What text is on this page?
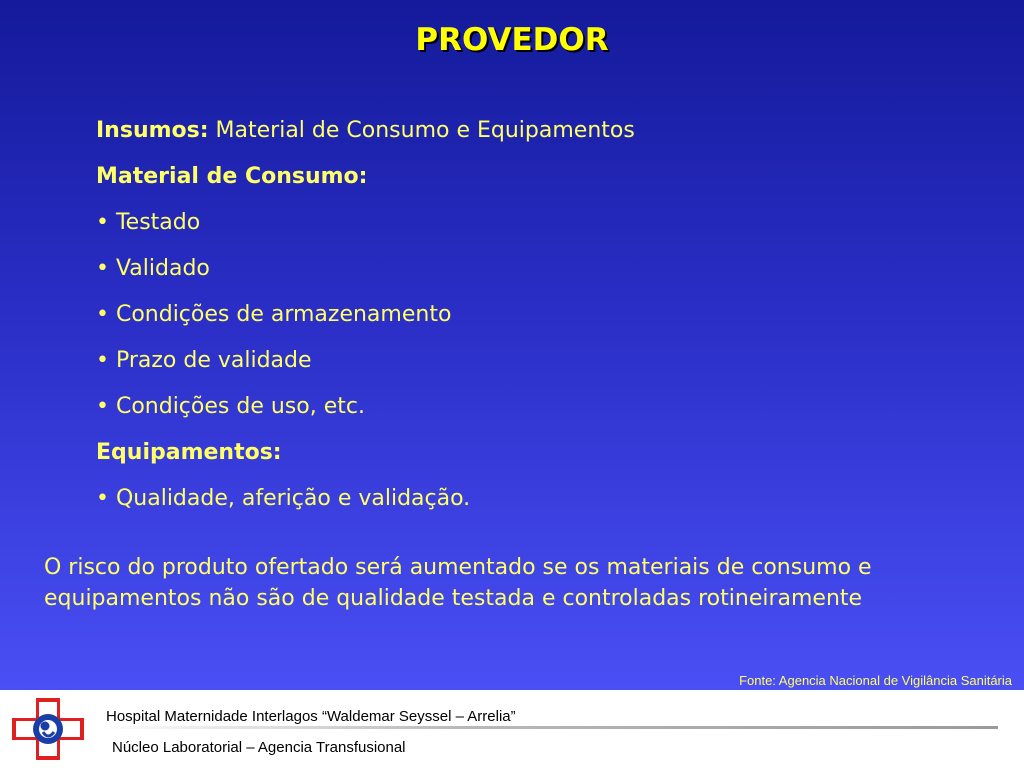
PROVEDOR
Insumos: Material de Consumo e Equipamentos
Material de Consumo:
• Testado
• Validado
• Condições de armazenamento
• Prazo de validade
• Condições de uso, etc.
Equipamentos:
• Qualidade, aferição e validação.
O risco do produto ofertado será aumentado se os materiais de consumo e equipamentos não são de qualidade testada e controladas rotineiramente
Fonte: Agencia Nacional de Vigilância Sanitária
Hospital Maternidade Interlagos “Waldemar Seyssel – Arrelia”
Núcleo Laboratorial – Agencia Transfusional
